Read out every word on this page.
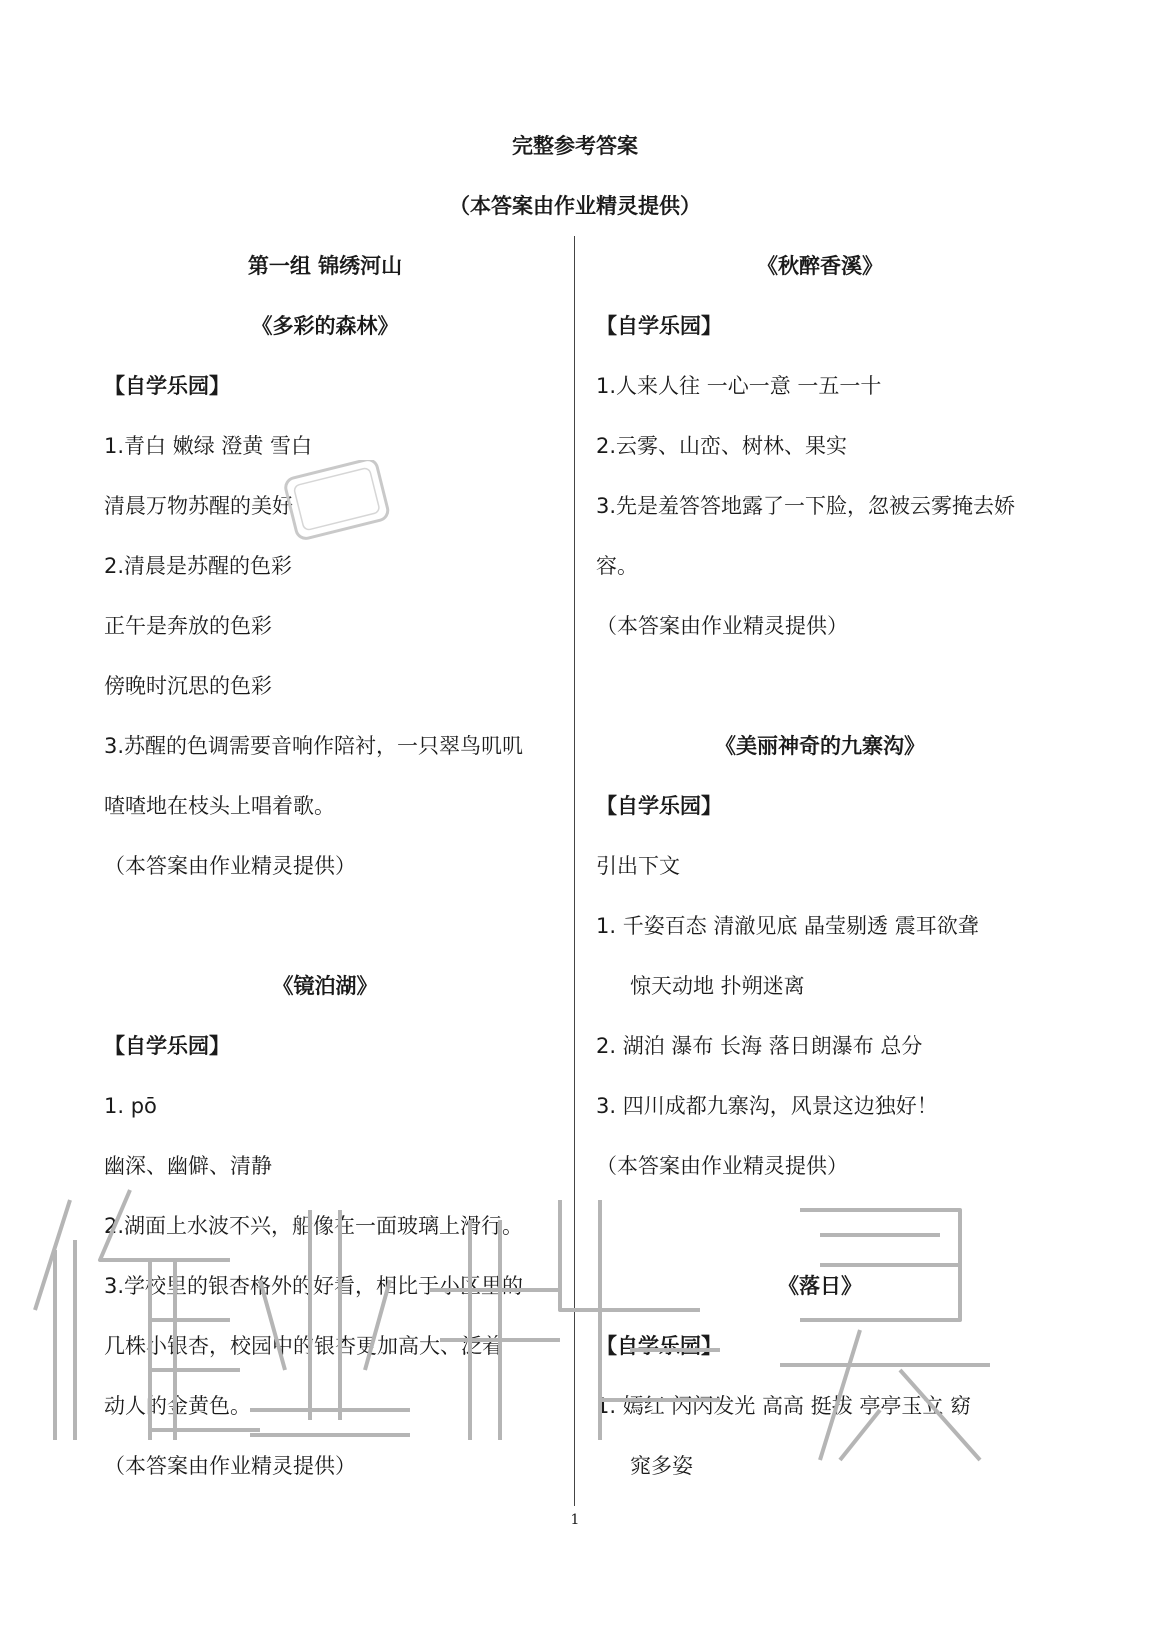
完整参考答案
（本答案由作业精灵提供）
第一组 锦绣河山
《多彩的森林》
【自学乐园】
1.青白 嫩绿 澄黄 雪白
清晨万物苏醒的美好
2.清晨是苏醒的色彩
正午是奔放的色彩
傍晚时沉思的色彩
3.苏醒的色调需要音响作陪衬，一只翠鸟叽叽
喳喳地在枝头上唱着歌。
（本答案由作业精灵提供）
《镜泊湖》
【自学乐园】
1. pō
幽深、幽僻、清静
2.湖面上水波不兴，船像在一面玻璃上滑行。
3.学校里的银杏格外的好看，相比于小区里的
几株小银杏，校园中的银杏更加高大、泛着
动人的金黄色。
（本答案由作业精灵提供）
《秋醉香溪》
【自学乐园】
1.人来人往 一心一意 一五一十
2.云雾、山峦、树林、果实
3.先是羞答答地露了一下脸，忽被云雾掩去娇
容。
（本答案由作业精灵提供）
《美丽神奇的九寨沟》
【自学乐园】
引出下文
1. 千姿百态 清澈见底 晶莹剔透 震耳欲聋
惊天动地 扑朔迷离
2. 湖泊 瀑布 长海 落日朗瀑布 总分
3. 四川成都九寨沟，风景这边独好！
（本答案由作业精灵提供）
《落日》
【自学乐园】
1. 嫣红 闪闪发光 高高 挺拔 亭亭玉立 窈
窕多姿
1
